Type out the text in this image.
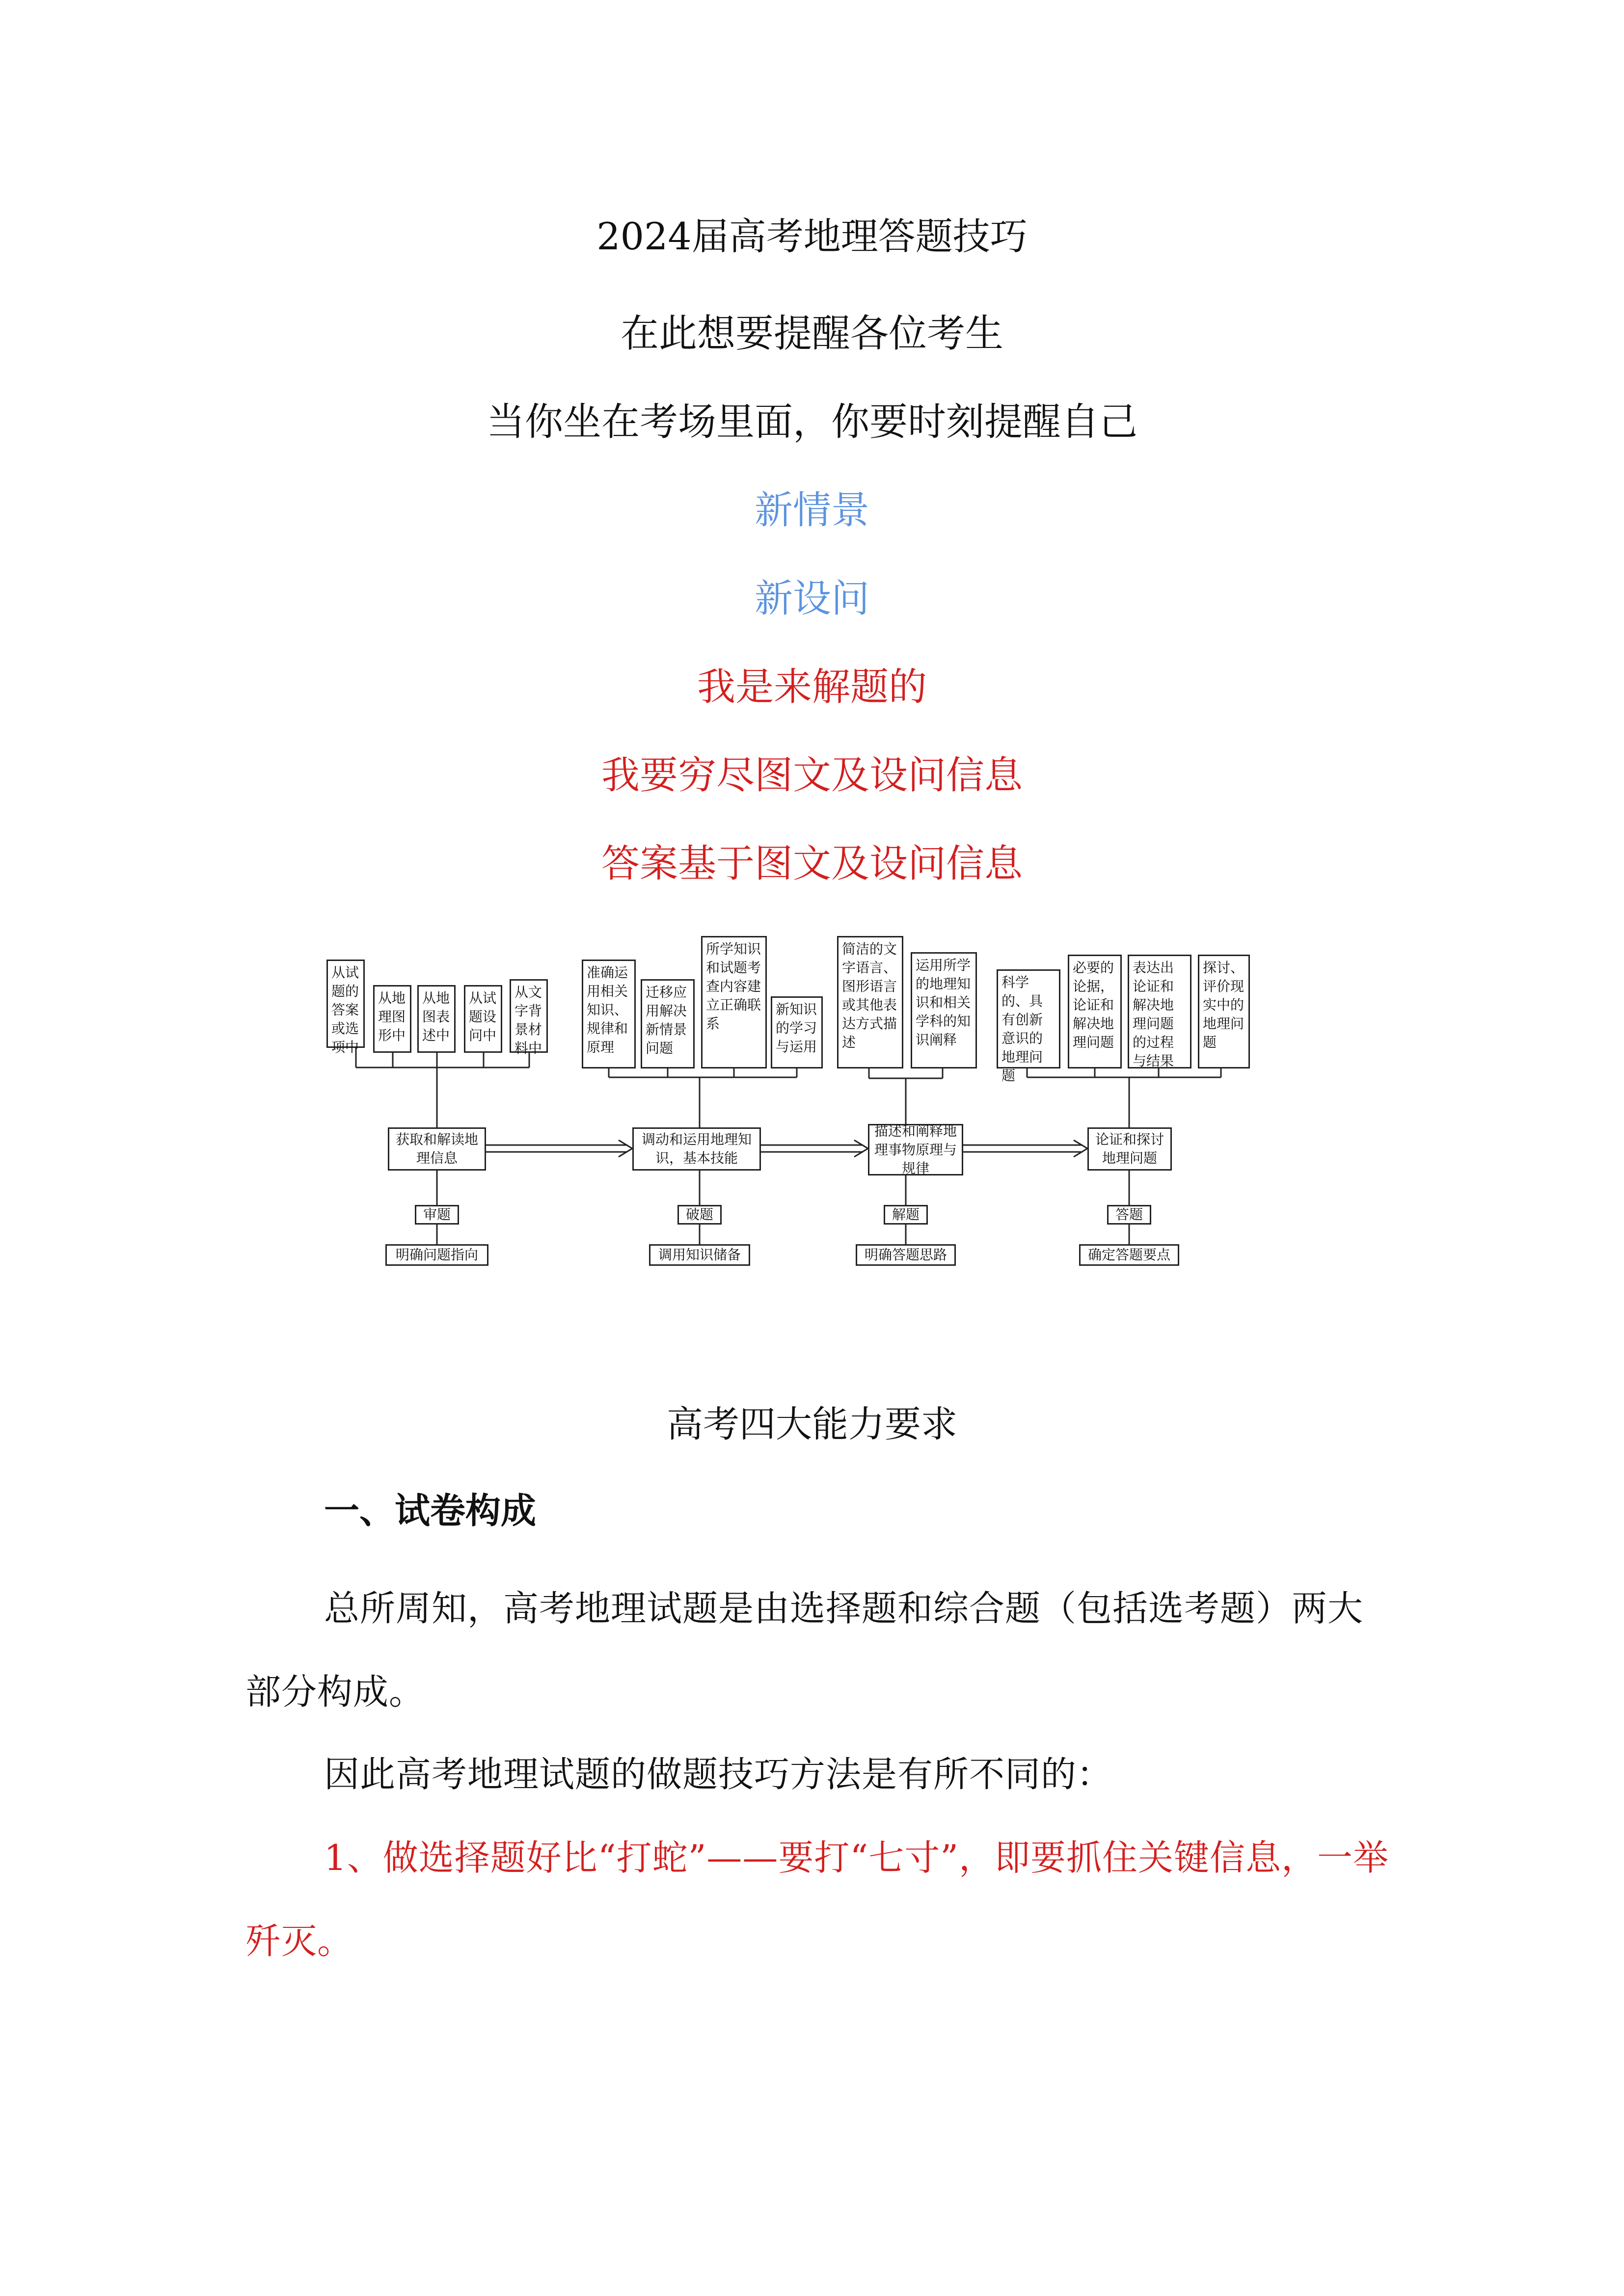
2024届高考地理答题技巧
在此想要提醒各位考生
当你坐在考场里面，你要时刻提醒自己
新情景
新设问
我是来解题的
我要穷尽图文及设问信息
答案基于图文及设问信息
从试题的答案或选项中
从地理图形中
从地图表述中
从试题设问中
从文字背景材料中
准确运用相关知识、规律和原理
迁移应用解决新情景问题
所学知识和试题考查内容建立正确联系
新知识的学习与运用
简洁的文字语言、图形语言或其他表达方式描述
运用所学的地理知识和相关学科的知识阐释
科学的、具有创新意识的地理问题
必要的论据，论证和解决地理问题
表达出论证和解决地理问题的过程与结果
探讨、评价现实中的地理问题
获取和解读地理信息
调动和运用地理知识，基本技能
描述和阐释地理事物原理与规律
论证和探讨地理问题
审题	破题	解题	答题
明确问题指向	调用知识储备	明确答题思路	确定答题要点
高考四大能力要求
一、试卷构成
总所周知，高考地理试题是由选择题和综合题（包括选考题）两大部分构成。
因此高考地理试题的做题技巧方法是有所不同的：
1、做选择题好比“打蛇”——要打“七寸”，即要抓住关键信息，一举歼灭。
